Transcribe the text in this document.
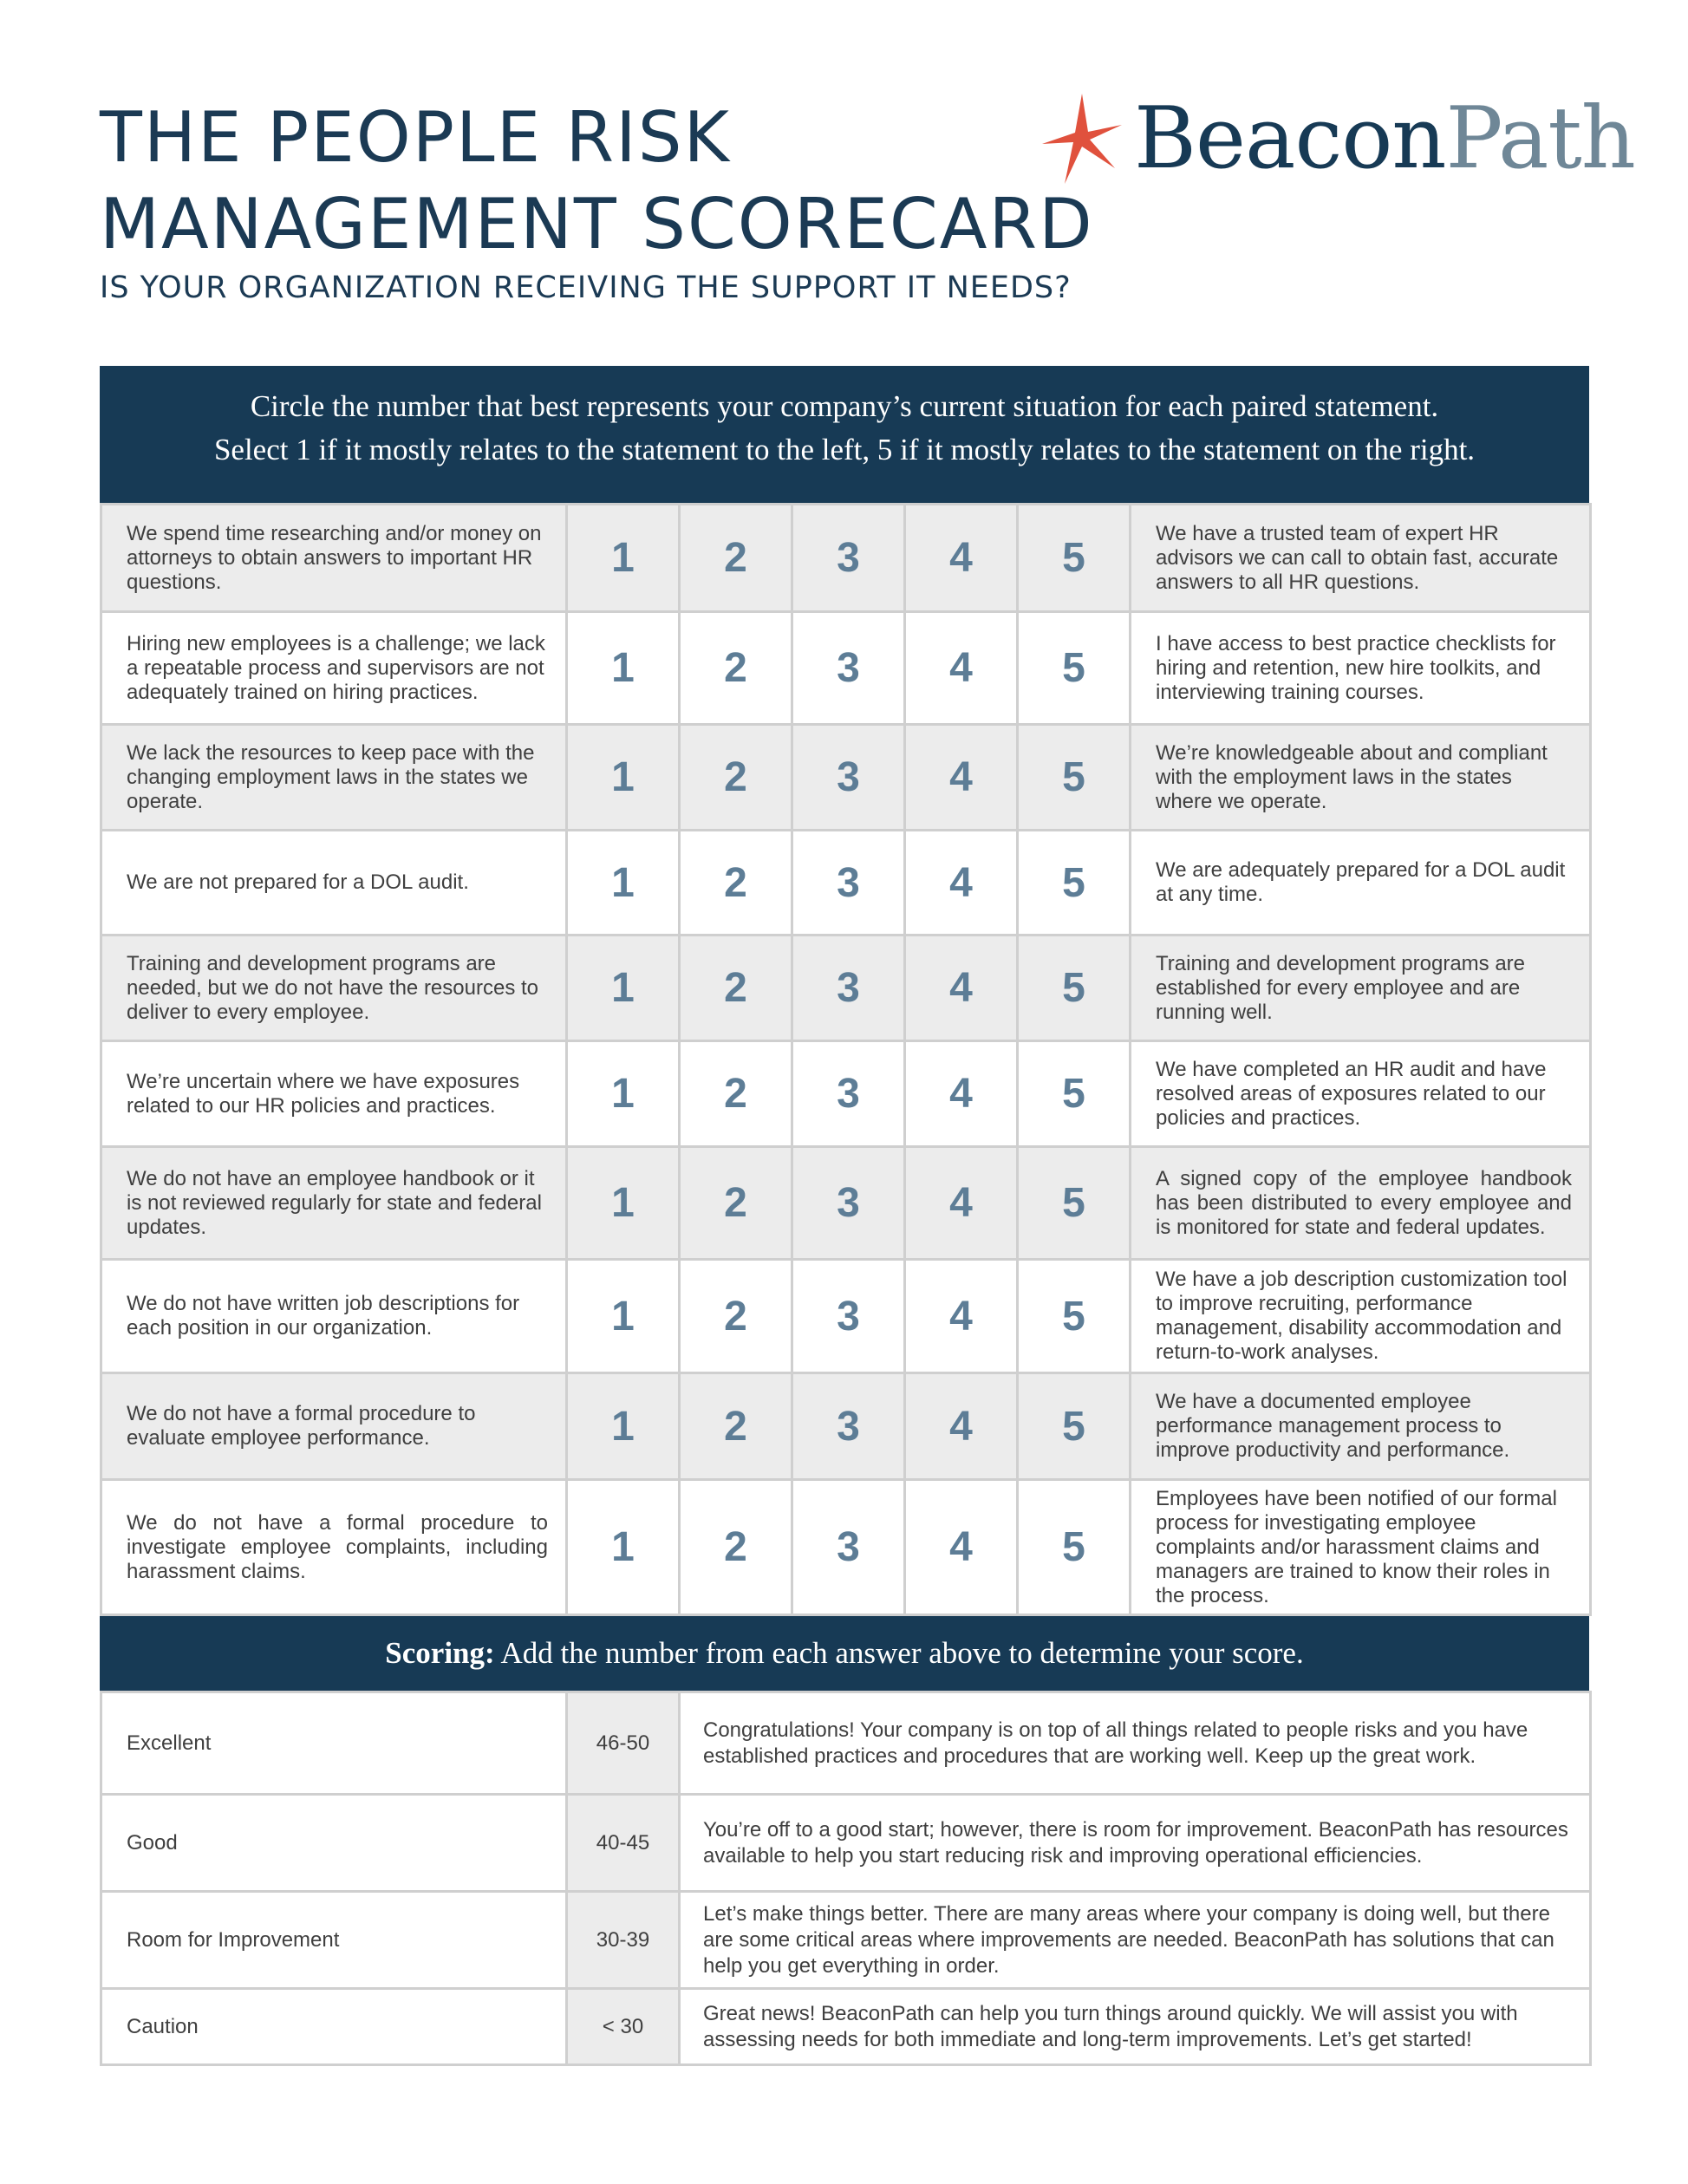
THE PEOPLE RISK
MANAGEMENT SCORECARD
IS YOUR ORGANIZATION RECEIVING THE SUPPORT IT NEEDS?
BeaconPath
Circle the number that best represents your company’s current situation for each paired statement.
Select 1 if it mostly relates to the statement to the left, 5 if it mostly relates to the statement on the right.
We spend time researching and/or money on attorneys to obtain answers to important HR questions.	1	2	3	4	5	We have a trusted team of expert HR advisors we can call to obtain fast, accurate answers to all HR questions.
Hiring new employees is a challenge; we lack a repeatable process and supervisors are not adequately trained on hiring practices.	1	2	3	4	5	I have access to best practice checklists for hiring and retention, new hire toolkits, and interviewing training courses.
We lack the resources to keep pace with the changing employment laws in the states we operate.	1	2	3	4	5	We’re knowledgeable about and compliant with the employment laws in the states where we operate.
We are not prepared for a DOL audit.	1	2	3	4	5	We are adequately prepared for a DOL audit at any time.
Training and development programs are needed, but we do not have the resources to deliver to every employee.	1	2	3	4	5	Training and development programs are established for every employee and are running well.
We’re uncertain where we have exposures related to our HR policies and practices.	1	2	3	4	5	We have completed an HR audit and have resolved areas of exposures related to our policies and practices.
We do not have an employee handbook or it is not reviewed regularly for state and federal updates.	1	2	3	4	5	A signed copy of the employee handbook has been distributed to every employee and is monitored for state and federal updates.
We do not have written job descriptions for each position in our organization.	1	2	3	4	5	We have a job description customization tool to improve recruiting, performance management, disability accommodation and return-to-work analyses.
We do not have a formal procedure to evaluate employee performance.	1	2	3	4	5	We have a documented employee performance management process to improve productivity and performance.
We do not have a formal procedure to investigate employee complaints, including harassment claims.	1	2	3	4	5	Employees have been notified of our formal process for investigating employee complaints and/or harassment claims and managers are trained to know their roles in the process.
Scoring: Add the number from each answer above to determine your score.
Excellent	46-50	Congratulations! Your company is on top of all things related to people risks and you have established practices and procedures that are working well. Keep up the great work.
Good	40-45	You’re off to a good start; however, there is room for improvement. BeaconPath has resources available to help you start reducing risk and improving operational efficiencies.
Room for Improvement	30-39	Let’s make things better. There are many areas where your company is doing well, but there are some critical areas where improvements are needed. BeaconPath has solutions that can help you get everything in order.
Caution	< 30	Great news! BeaconPath can help you turn things around quickly. We will assist you with assessing needs for both immediate and long-term improvements. Let’s get started!
